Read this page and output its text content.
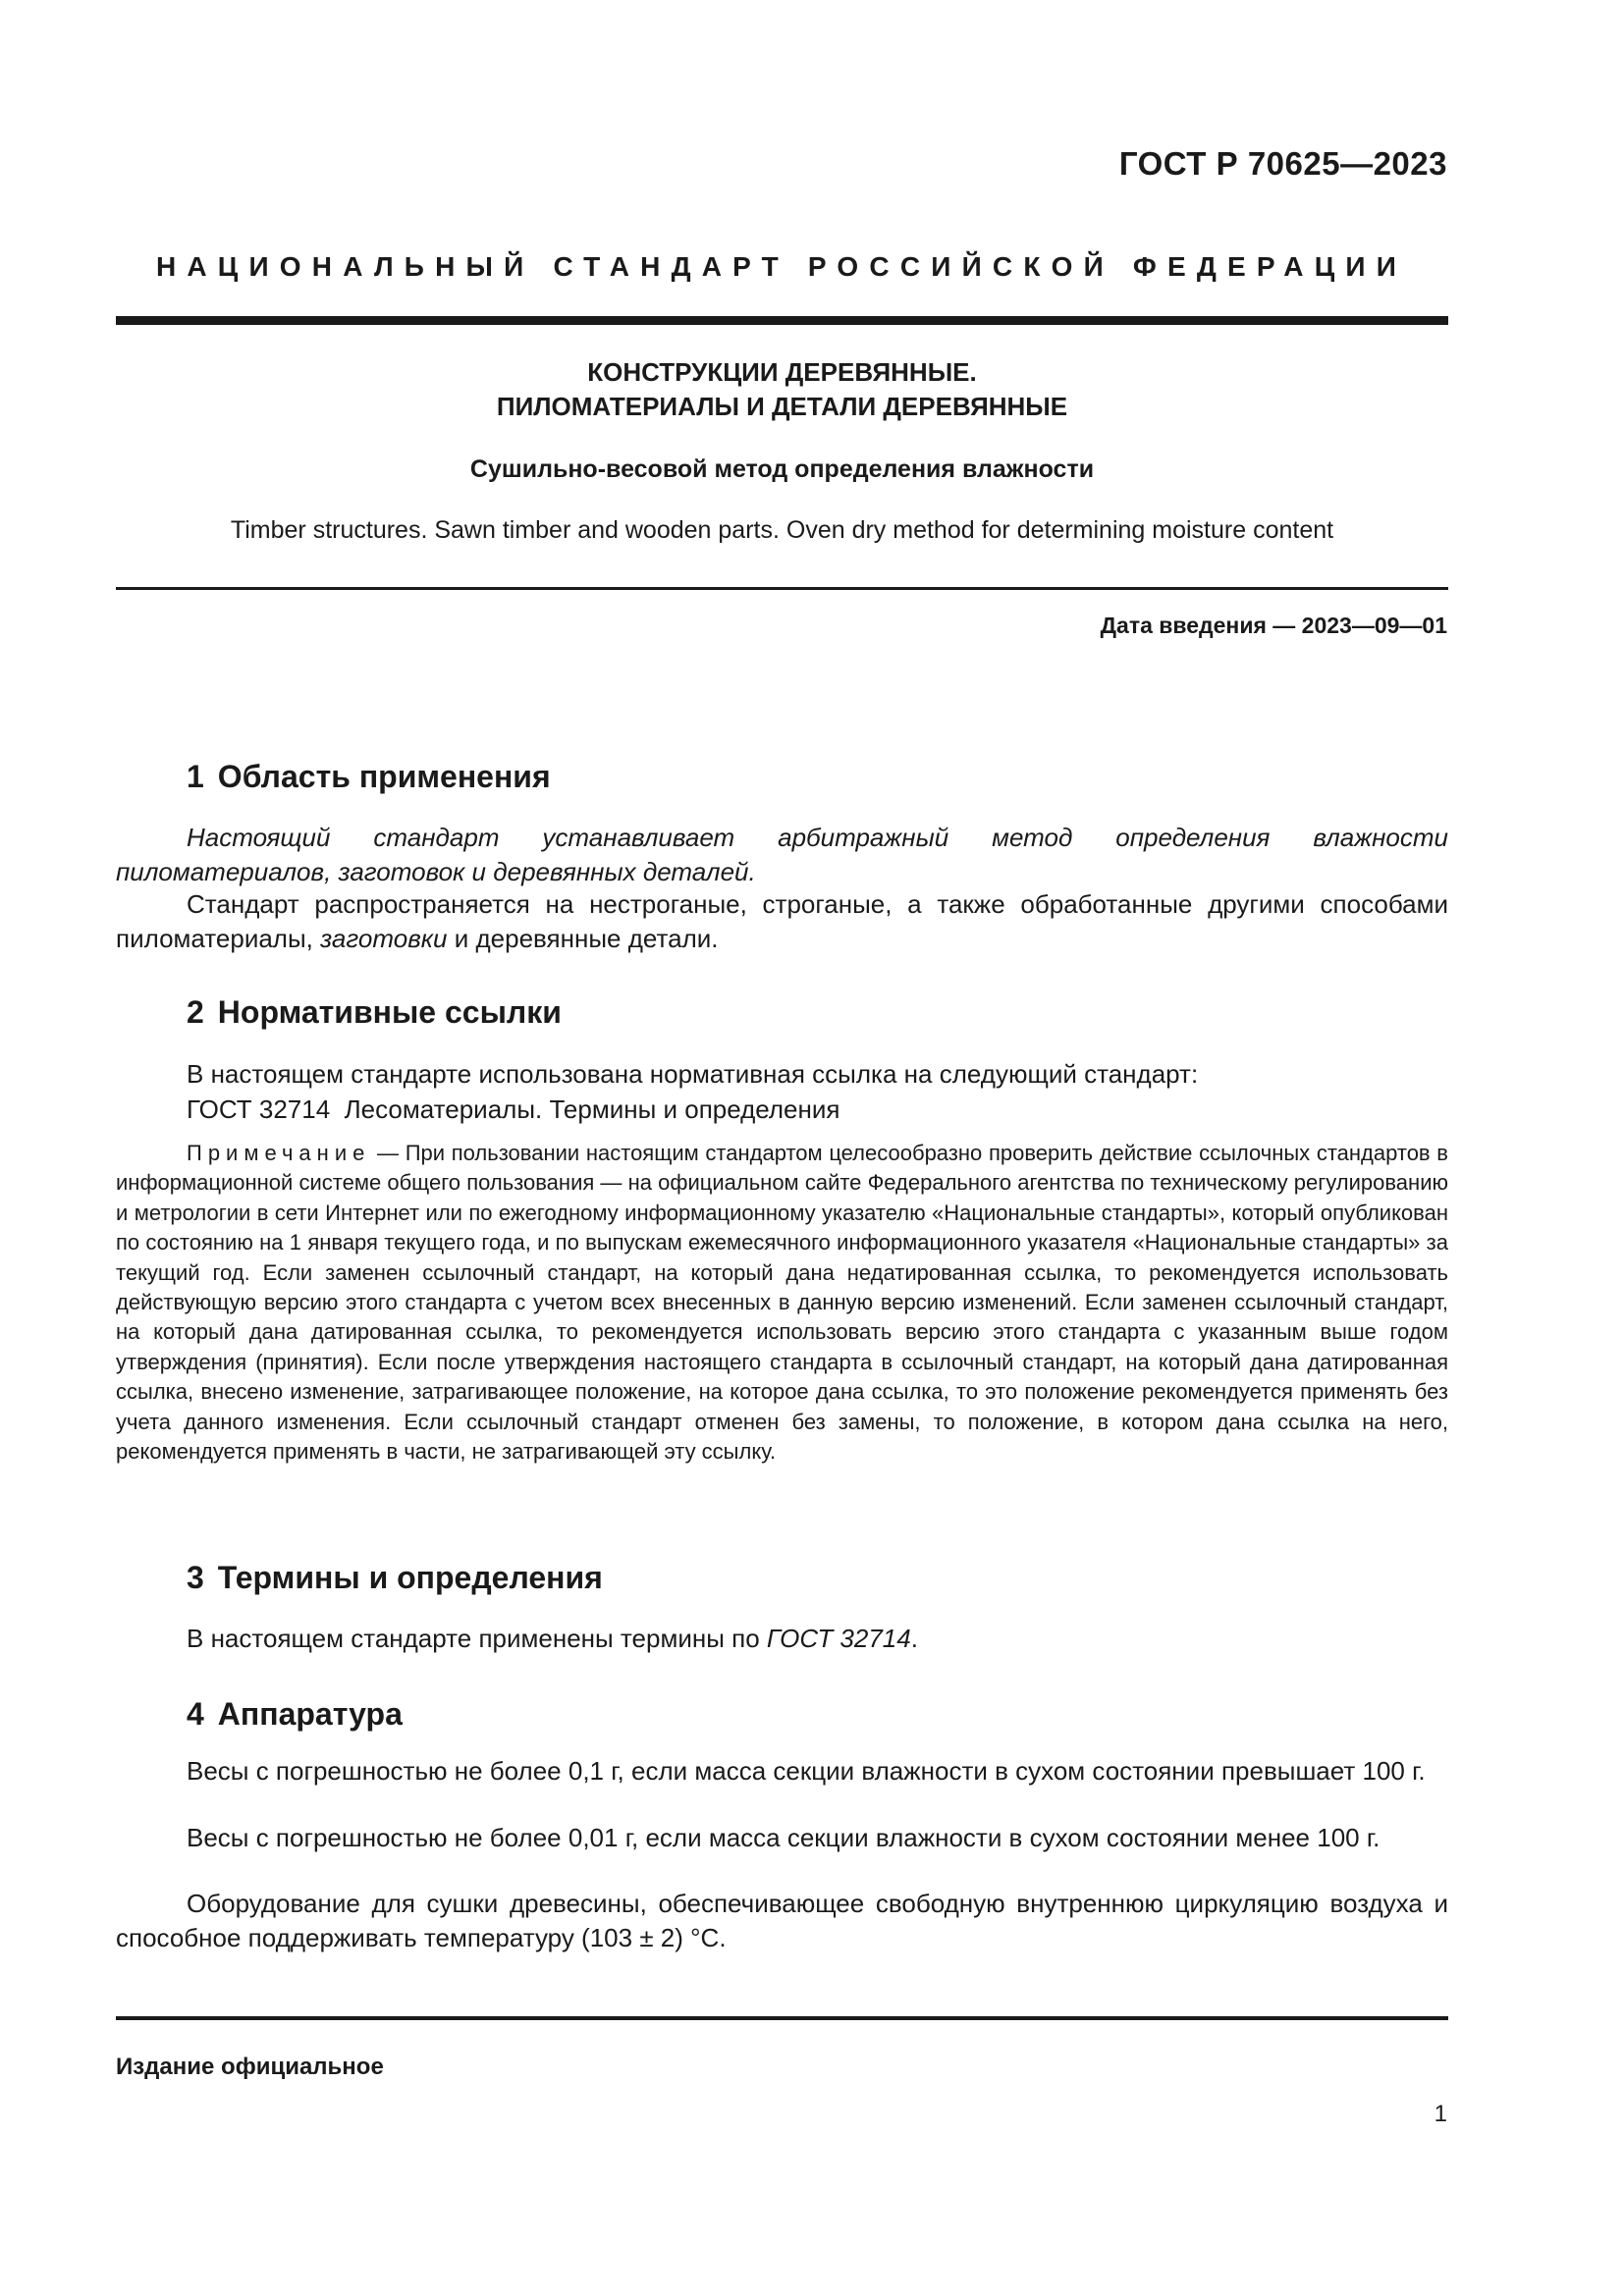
ГОСТ Р 70625—2023
НАЦИОНАЛЬНЫЙ СТАНДАРТ РОССИЙСКОЙ ФЕДЕРАЦИИ
КОНСТРУКЦИИ ДЕРЕВЯННЫЕ.
ПИЛОМАТЕРИАЛЫ И ДЕТАЛИ ДЕРЕВЯННЫЕ
Сушильно-весовой метод определения влажности
Timber structures. Sawn timber and wooden parts. Oven dry method for determining moisture content
Дата введения — 2023—09—01
1 Область применения
Настоящий стандарт устанавливает арбитражный метод определения влажности пиломатериалов, заготовок и деревянных деталей.
Стандарт распространяется на нестроганые, строганые, а также обработанные другими способами пиломатериалы, заготовки и деревянные детали.
2 Нормативные ссылки
В настоящем стандарте использована нормативная ссылка на следующий стандарт:
ГОСТ 32714  Лесоматериалы. Термины и определения
Примечание — При пользовании настоящим стандартом целесообразно проверить действие ссылочных стандартов в информационной системе общего пользования — на официальном сайте Федерального агентства по техническому регулированию и метрологии в сети Интернет или по ежегодному информационному указателю «Национальные стандарты», который опубликован по состоянию на 1 января текущего года, и по выпускам ежемесячного информационного указателя «Национальные стандарты» за текущий год. Если заменен ссылочный стандарт, на который дана недатированная ссылка, то рекомендуется использовать действующую версию этого стандарта с учетом всех внесенных в данную версию изменений. Если заменен ссылочный стандарт, на который дана датированная ссылка, то рекомендуется использовать версию этого стандарта с указанным выше годом утверждения (принятия). Если после утверждения настоящего стандарта в ссылочный стандарт, на который дана датированная ссылка, внесено изменение, затрагивающее положение, на которое дана ссылка, то это положение рекомендуется применять без учета данного изменения. Если ссылочный стандарт отменен без замены, то положение, в котором дана ссылка на него, рекомендуется применять в части, не затрагивающей эту ссылку.
3 Термины и определения
В настоящем стандарте применены термины по ГОСТ 32714.
4 Аппаратура
Весы с погрешностью не более 0,1 г, если масса секции влажности в сухом состоянии превышает 100 г.
Весы с погрешностью не более 0,01 г, если масса секции влажности в сухом состоянии менее 100 г.
Оборудование для сушки древесины, обеспечивающее свободную внутреннюю циркуляцию воздуха и способное поддерживать температуру (103 ± 2) °С.
Издание официальное
1
